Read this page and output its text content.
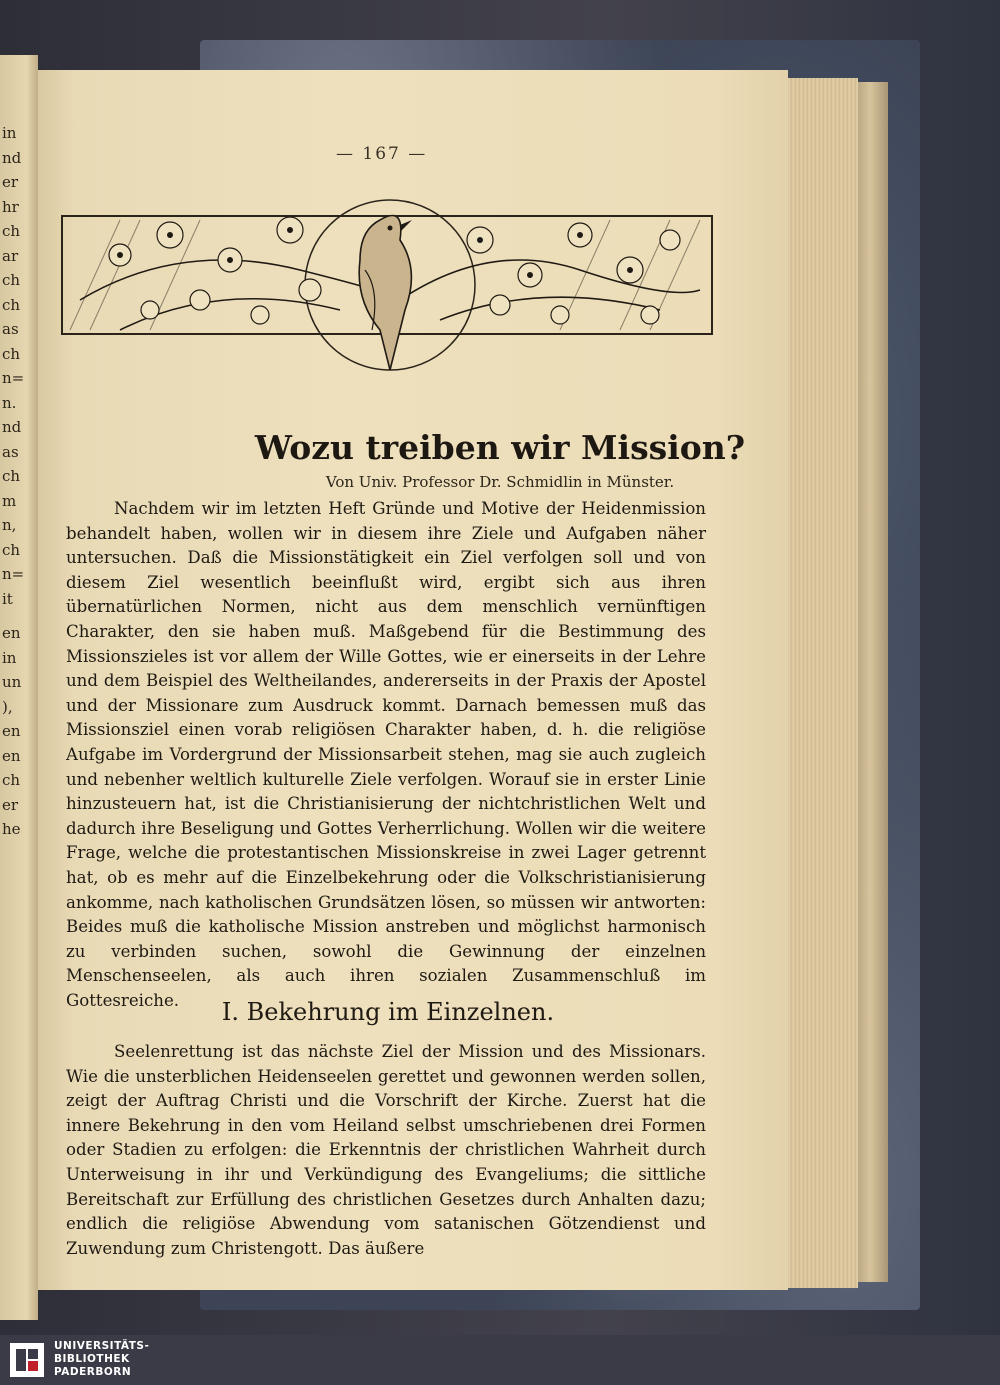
in
nd
er
hr
ch
ar
ch
ch
as
ch
n=
n.
nd
as
ch
m
n,
ch
n=
it
en
in
un
),
en
en
ch
er
he
— 167 —
Wozu treiben wir Mission?
Von Univ. Professor Dr. Schmidlin in Münster.

Nachdem wir im letzten Heft Gründe und Motive der Heidenmission behandelt haben, wollen wir in diesem ihre Ziele und Aufgaben näher untersuchen. Daß die Missionstätigkeit ein Ziel verfolgen soll und von diesem Ziel wesentlich beeinflußt wird, ergibt sich aus ihren übernatürlichen Normen, nicht aus dem menschlich vernünftigen Charakter, den sie haben muß. Maßgebend für die Bestimmung des Missionszieles ist vor allem der Wille Gottes, wie er einerseits in der Lehre und dem Beispiel des Weltheilandes, andererseits in der Praxis der Apostel und der Missionare zum Ausdruck kommt. Darnach bemessen muß das Missionsziel einen vorab religiösen Charakter haben, d. h. die religiöse Aufgabe im Vordergrund der Missionsarbeit stehen, mag sie auch zugleich und nebenher weltlich kulturelle Ziele verfolgen. Worauf sie in erster Linie hinzusteuern hat, ist die Christianisierung der nichtchristlichen Welt und dadurch ihre Beseligung und Gottes Verherrlichung. Wollen wir die weitere Frage, welche die protestantischen Missionskreise in zwei Lager getrennt hat, ob es mehr auf die Einzelbekehrung oder die Volkschristianisierung ankomme, nach katholischen Grundsätzen lösen, so müssen wir antworten: Beides muß die katholische Mission anstreben und möglichst harmonisch zu verbinden suchen, sowohl die Gewinnung der einzelnen Menschenseelen, als auch ihren sozialen Zusammenschluß im Gottesreiche.	I. Bekehrung im Einzelnen.

Seelenrettung ist das nächste Ziel der Mission und des Missionars. Wie die unsterblichen Heidenseelen gerettet und gewonnen werden sollen, zeigt der Auftrag Christi und die Vorschrift der Kirche. Zuerst hat die innere Bekehrung in den vom Heiland selbst umschriebenen drei Formen oder Stadien zu erfolgen: die Erkenntnis der christlichen Wahrheit durch Unterweisung in ihr und Verkündigung des Evangeliums; die sittliche Bereitschaft zur Erfüllung des christlichen Gesetzes durch Anhalten dazu; endlich die religiöse Abwendung vom satanischen Götzendienst und Zuwendung zum Christengott. Das äußere

UNIVERSITÄTS-
BIBLIOTHEK
PADERBORN
